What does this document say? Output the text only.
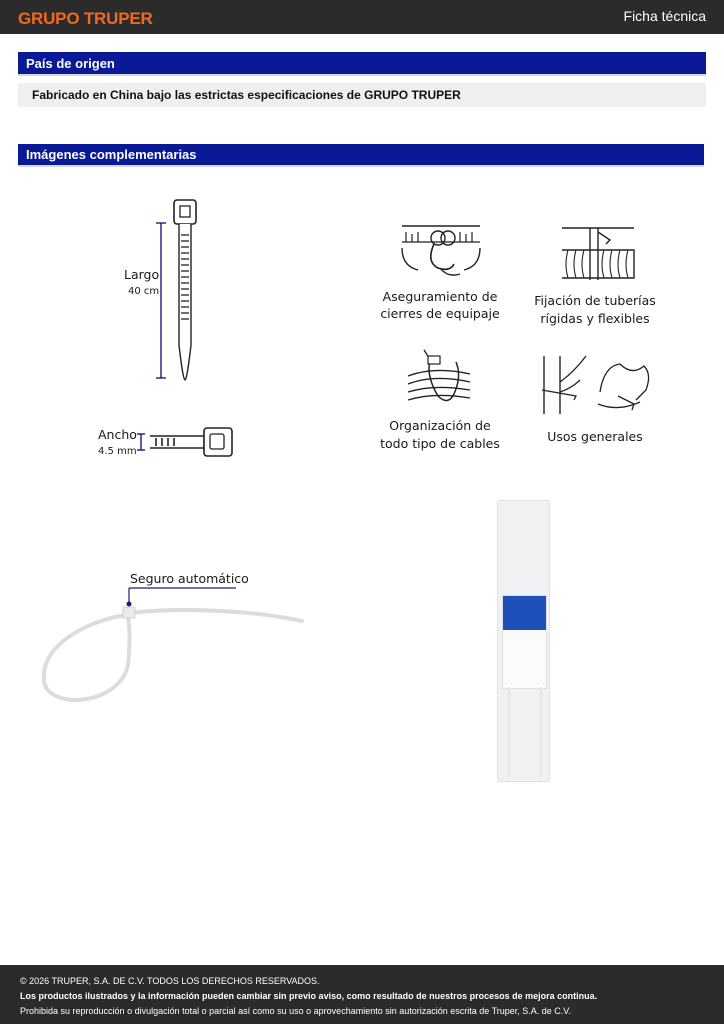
GRUPO TRUPER	Ficha técnica
País de origen
Fabricado en China bajo las estrictas especificaciones de GRUPO TRUPER
Imágenes complementarias
Largo
40 cm
Ancho
4.5 mm
Aseguramiento de
cierres de equipaje
Fijación de tuberías
rígidas y flexibles
Organización de
todo tipo de cables	Usos generales
Seguro automático
© 2026 TRUPER, S.A. DE C.V. TODOS LOS DERECHOS RESERVADOS.
Los productos ilustrados y la información pueden cambiar sin previo aviso, como resultado de nuestros procesos de mejora continua.
Prohibida su reproducción o divulgación total o parcial así como su uso o aprovechamiento sin autorización escrita de Truper, S.A. de C.V.
